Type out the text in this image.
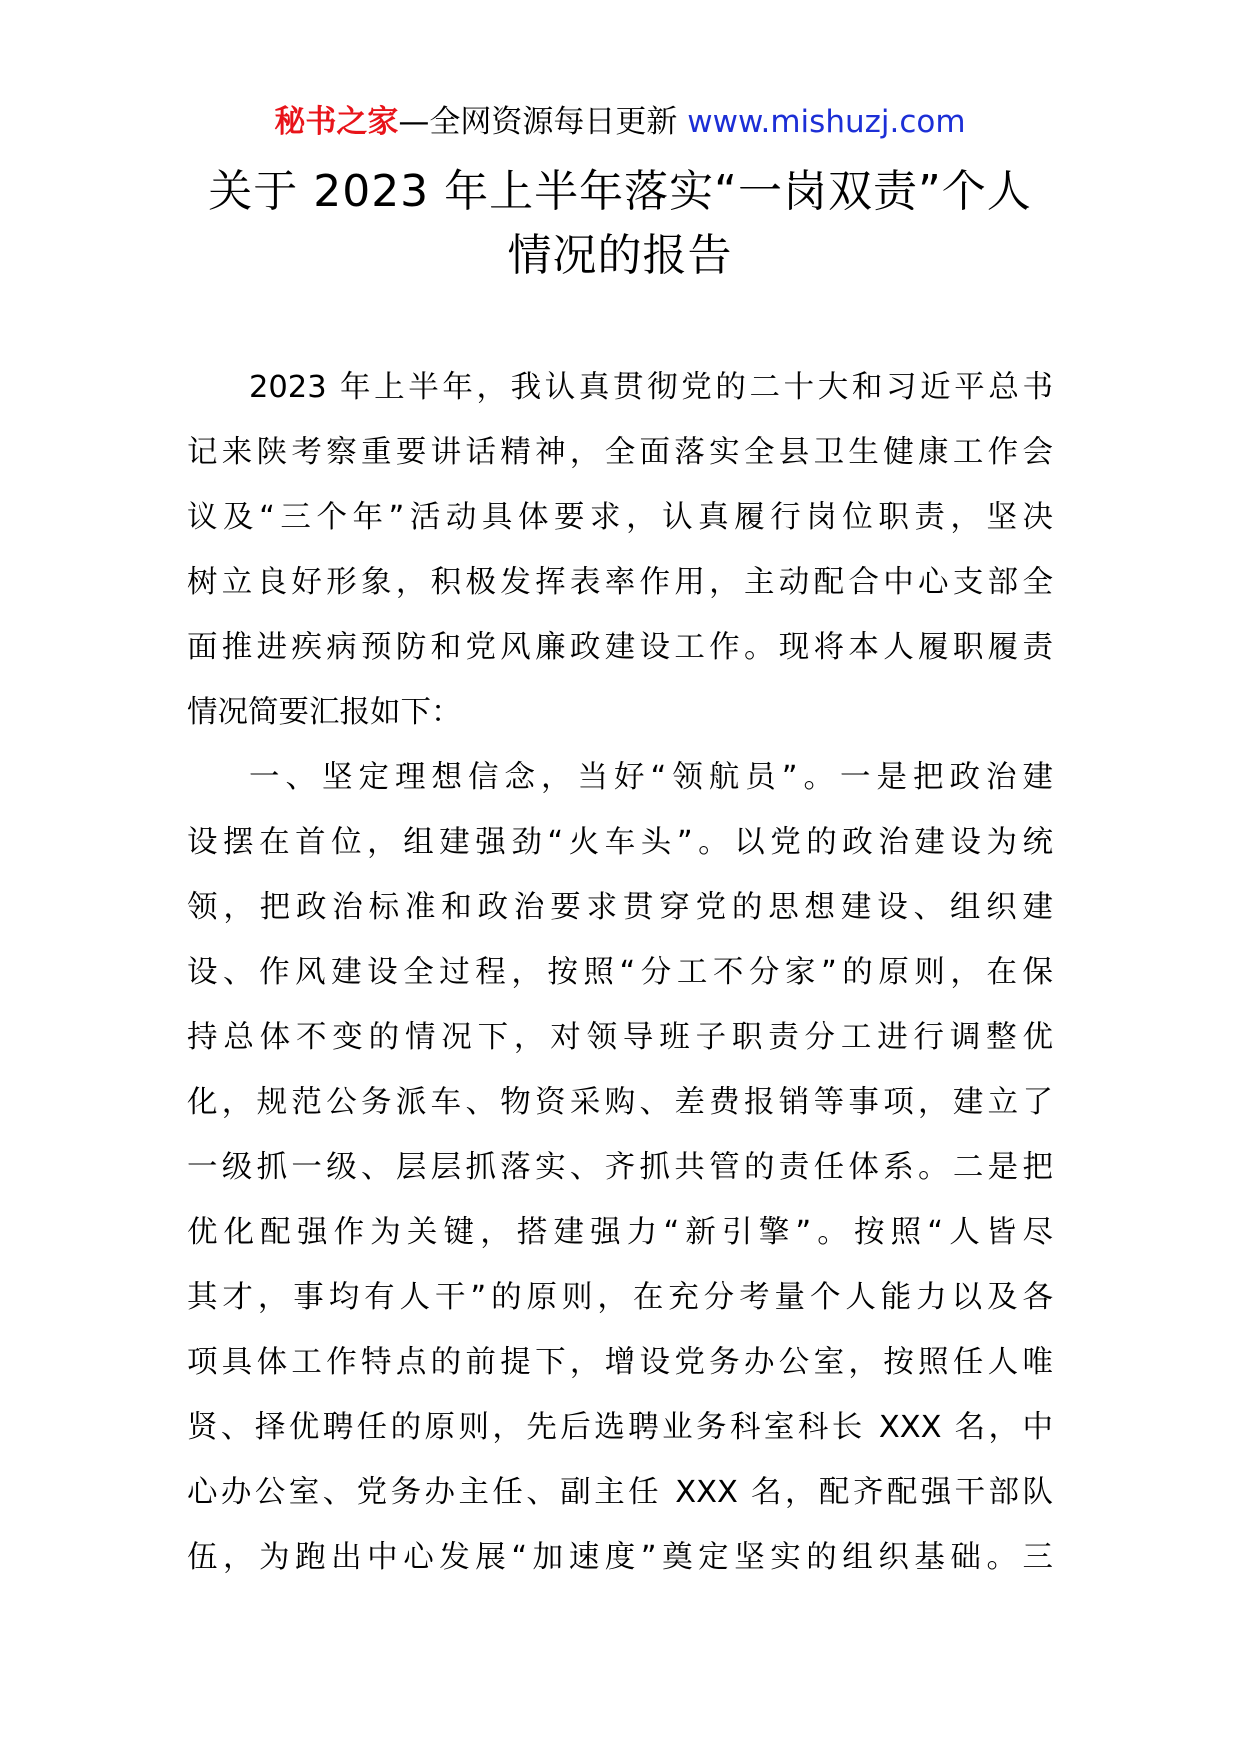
秘书之家—全网资源每日更新 www.mishuzj.com
关于 2023 年上半年落实“一岗双责”个人
情况的报告
2023 年上半年，我认真贯彻党的二十大和习近平总书
记来陕考察重要讲话精神，全面落实全县卫生健康工作会
议及“三个年”活动具体要求，认真履行岗位职责，坚决
树立良好形象，积极发挥表率作用，主动配合中心支部全
面推进疾病预防和党风廉政建设工作。现将本人履职履责
情况简要汇报如下：
一、坚定理想信念，当好“领航员”。一是把政治建
设摆在首位，组建强劲“火车头”。以党的政治建设为统
领，把政治标准和政治要求贯穿党的思想建设、组织建
设、作风建设全过程，按照“分工不分家”的原则，在保
持总体不变的情况下，对领导班子职责分工进行调整优
化，规范公务派车、物资采购、差费报销等事项，建立了
一级抓一级、层层抓落实、齐抓共管的责任体系。二是把
优化配强作为关键，搭建强力“新引擎”。按照“人皆尽
其才，事均有人干”的原则，在充分考量个人能力以及各
项具体工作特点的前提下，增设党务办公室，按照任人唯
贤、择优聘任的原则，先后选聘业务科室科长 XXX 名，中
心办公室、党务办主任、副主任 XXX 名，配齐配强干部队
伍，为跑出中心发展“加速度”奠定坚实的组织基础。三
